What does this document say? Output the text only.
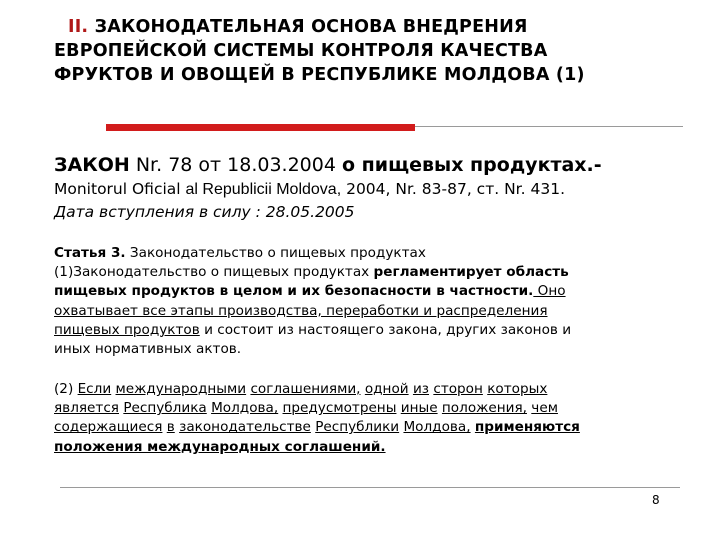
II. ЗАКОНОДАТЕЛЬНАЯ ОСНОВА ВНЕДРЕНИЯ
ЕВРОПЕЙСКОЙ СИСТЕМЫ КОНТРОЛЯ КАЧЕСТВА
ФРУКТОВ И ОВОЩЕЙ В РЕСПУБЛИКЕ МОЛДОВА (1)
ЗАКОН Nr. 78 от 18.03.2004 о пищевых продуктах.-
Monitorul Oficial al Republicii Moldova, 2004, Nr. 83-87, ст. Nr. 431.
Дата вступления в силу : 28.05.2005
Статья 3. Законодательство о пищевых продуктах
(1)Законодательство о пищевых продуктах регламентирует область
пищевых продуктов в целом и их безопасности в частности. Оно
охватывает все этапы производства, переработки и распределения
пищевых продуктов и состоит из настоящего закона, других законов и
иных нормативных актов.
(2) Если международными соглашениями, одной из сторон которых
является Республика Молдова, предусмотрены иные положения, чем
содержащиеся в законодательстве Республики Молдова, применяются
положения международных соглашений.
8
